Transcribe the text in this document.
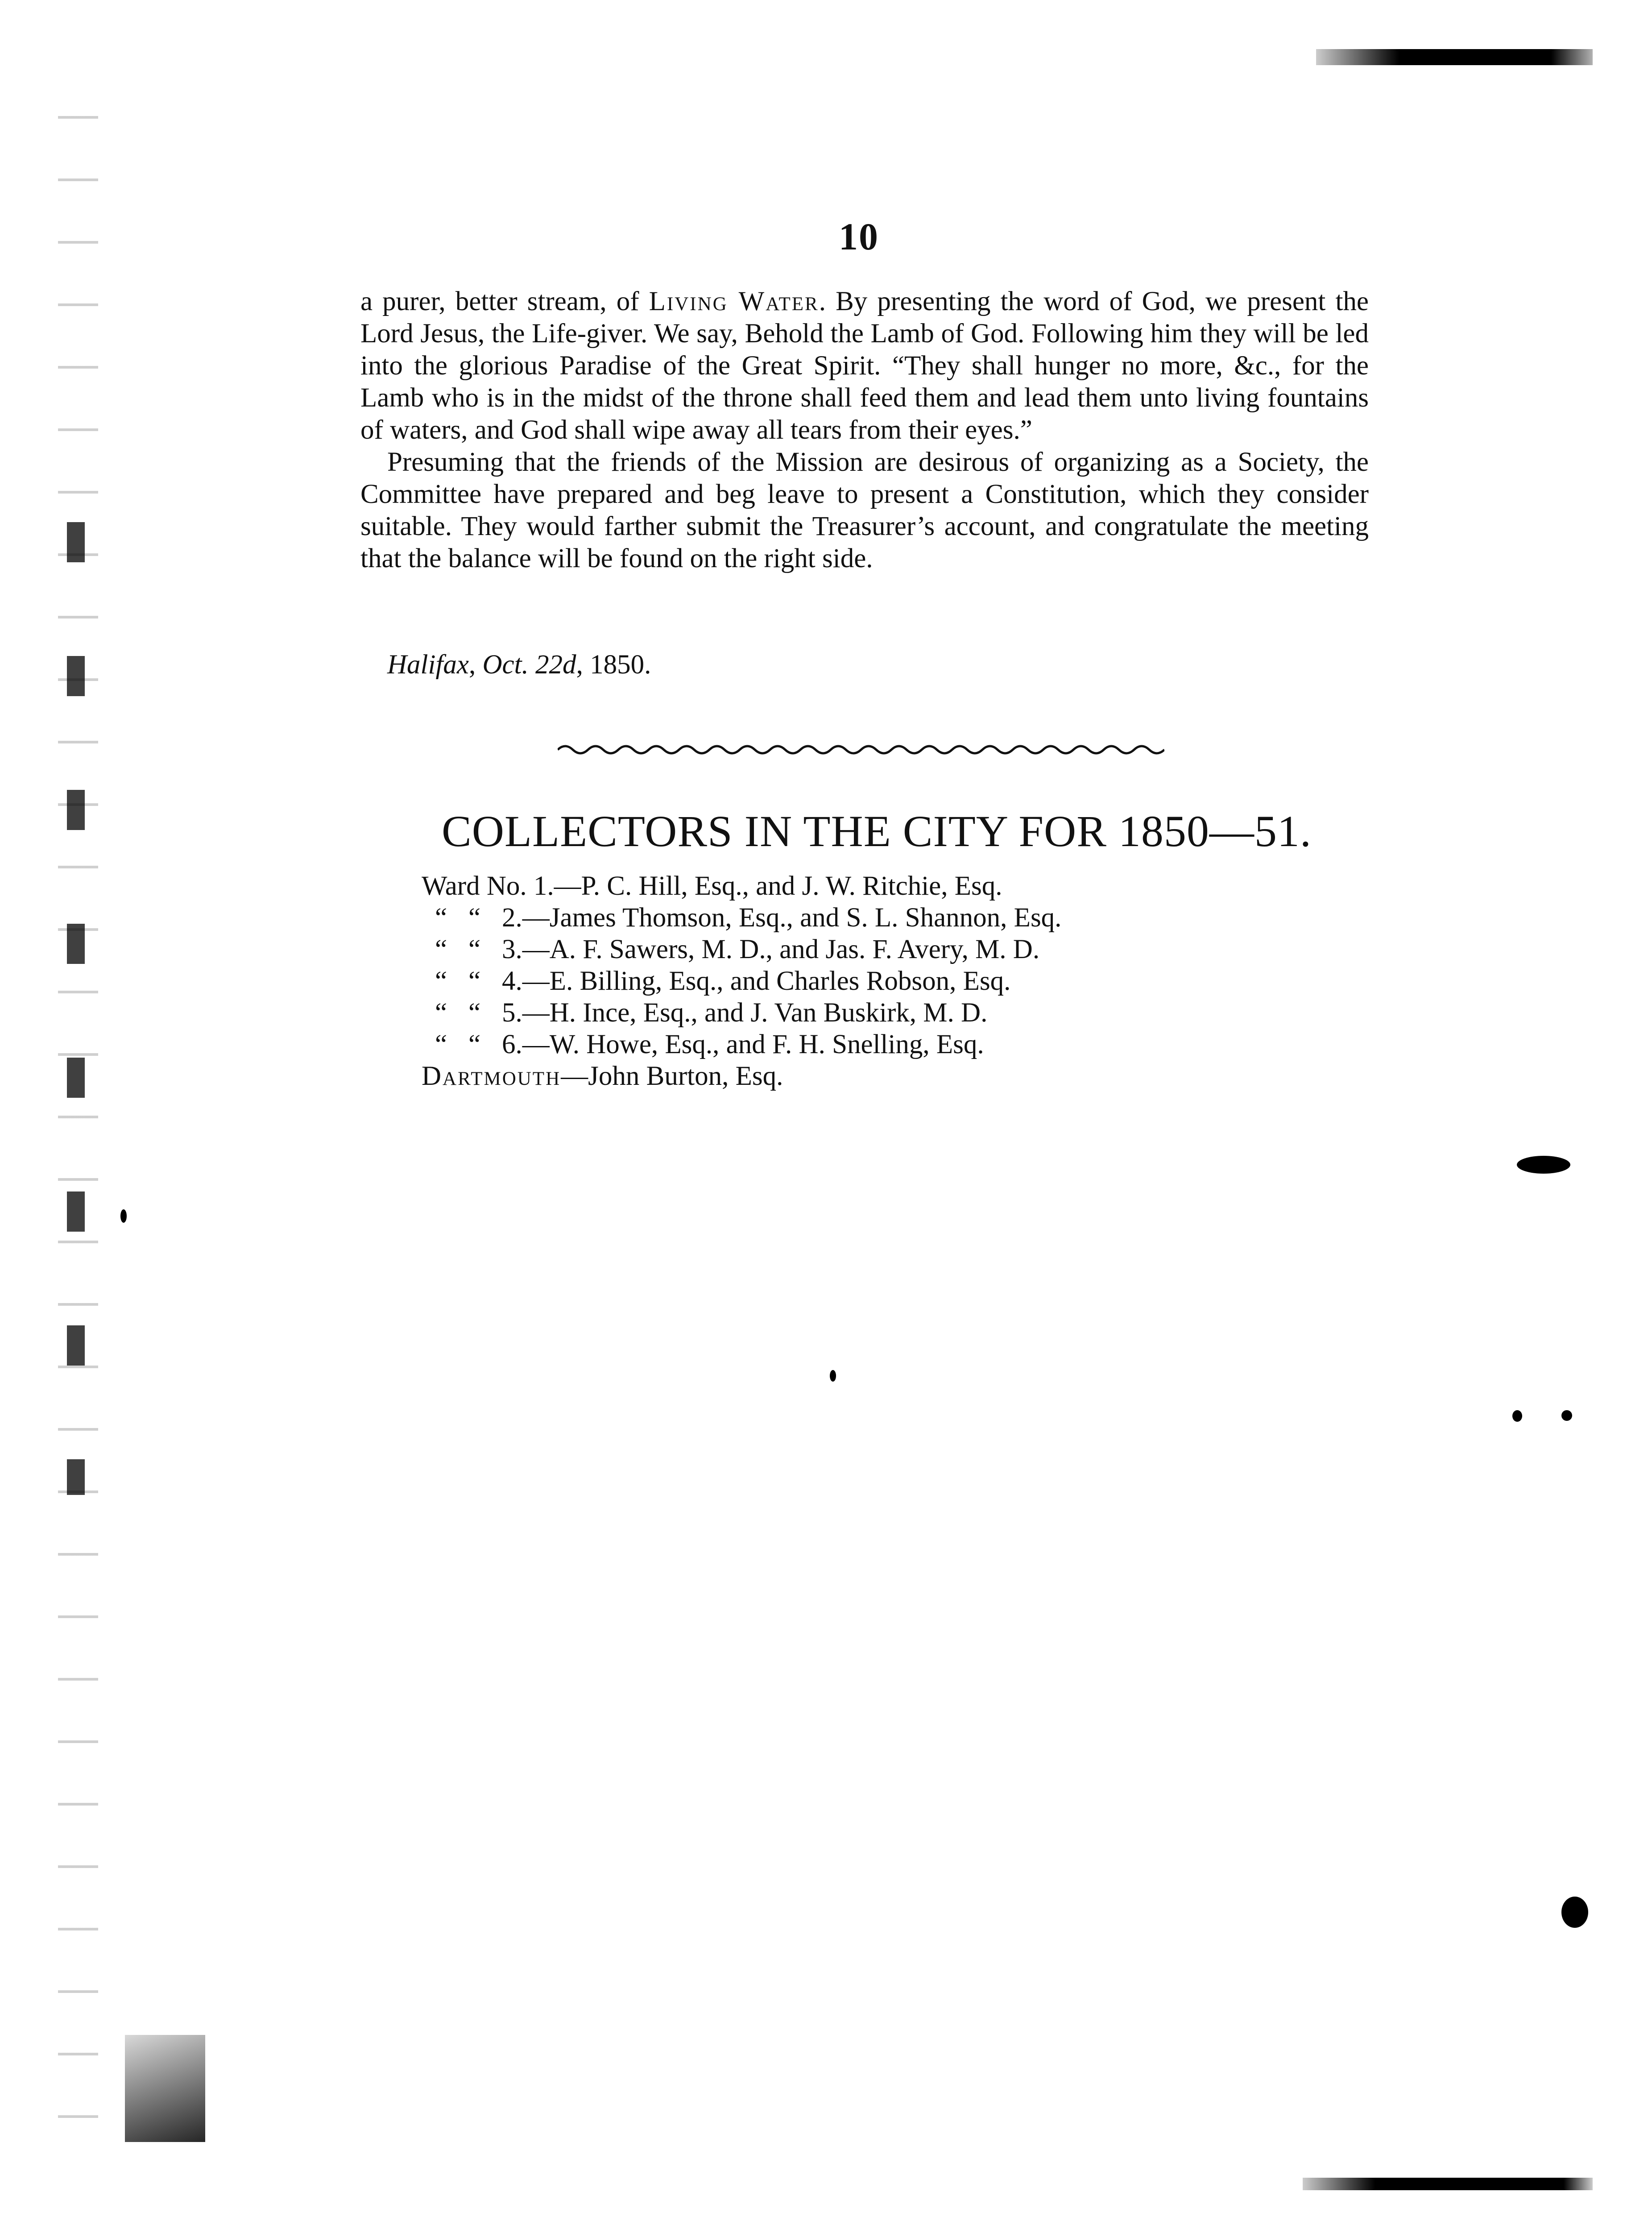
10

a purer, better stream, of Living Water. By presenting the word of God, we present the Lord Jesus, the Life-giver. We say, Behold the Lamb of God. Following him they will be led into the glorious Paradise of the Great Spirit. “They shall hunger no more, &c., for the Lamb who is in the midst of the throne shall feed them and lead them unto living fountains of waters, and God shall wipe away all tears from their eyes.”

Presuming that the friends of the Mission are desirous of organizing as a Society, the Committee have prepared and beg leave to present a Constitution, which they consider suitable. They would farther submit the Treasurer’s account, and congratulate the meeting that the balance will be found on the right side.

Halifax, Oct. 22d, 1850.
COLLECTORS IN THE CITY FOR 1850—51.
Ward No. 1.—P. C. Hill, Esq., and J. W. Ritchie, Esq.
“ “ 2.—James Thomson, Esq., and S. L. Shannon, Esq.
“ “ 3.—A. F. Sawers, M. D., and Jas. F. Avery, M. D.
“ “ 4.—E. Billing, Esq., and Charles Robson, Esq.
“ “ 5.—H. Ince, Esq., and J. Van Buskirk, M. D.
“ “ 6.—W. Howe, Esq., and F. H. Snelling, Esq.
Dartmouth—John Burton, Esq.
